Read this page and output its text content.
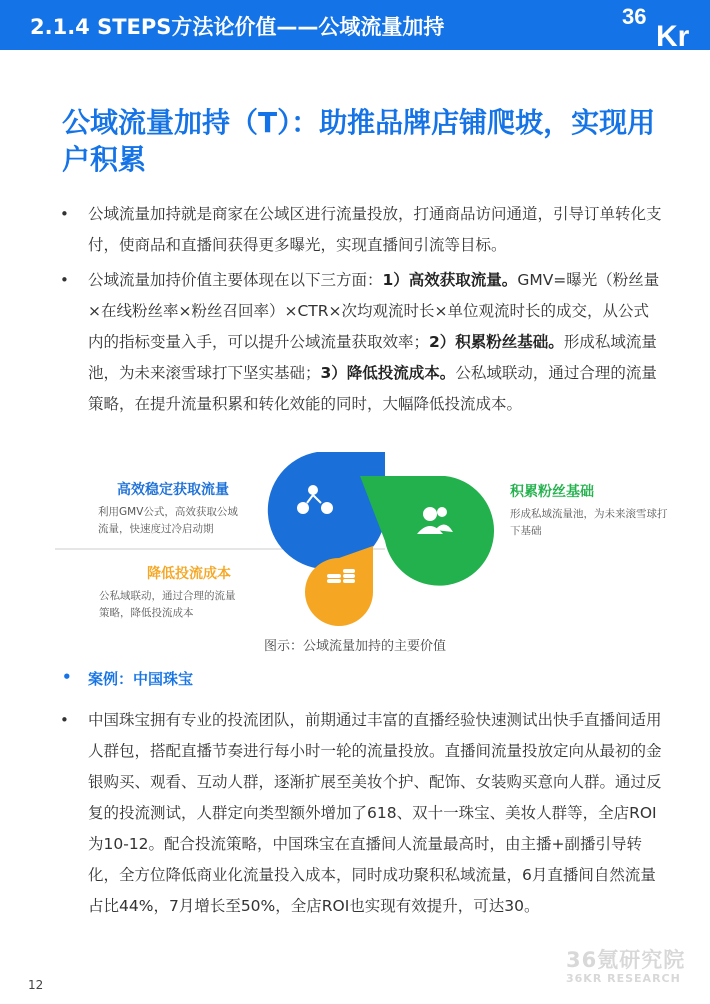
2.1.4 STEPS方法论价值——公域流量加持	36
Kr
公域流量加持（T）：助推品牌店铺爬坡，实现用户积累
• 公域流量加持就是商家在公域区进行流量投放，打通商品访问通道，引导订单转化支付，使商品和直播间获得更多曝光，实现直播间引流等目标。
• 公域流量加持价值主要体现在以下三方面：1）高效获取流量。GMV=曝光（粉丝量×在线粉丝率×粉丝召回率）×CTR×次均观流时长×单位观流时长的成交，从公式内的指标变量入手，可以提升公域流量获取效率；2）积累粉丝基础。形成私域流量池，为未来滚雪球打下坚实基础；3）降低投流成本。公私域联动，通过合理的流量策略，在提升流量积累和转化效能的同时，大幅降低投流成本。
高效稳定获取流量
利用GMV公式，高效获取公域流量，快速度过冷启动期
积累粉丝基础
形成私域流量池，为未来滚雪球打下基础
降低投流成本
公私域联动，通过合理的流量策略，降低投流成本
图示：公域流量加持的主要价值
• 案例：中国珠宝
• 中国珠宝拥有专业的投流团队，前期通过丰富的直播经验快速测试出快手直播间适用人群包，搭配直播节奏进行每小时一轮的流量投放。直播间流量投放定向从最初的金银购买、观看、互动人群，逐渐扩展至美妆个护、配饰、女装购买意向人群。通过反复的投流测试，人群定向类型额外增加了618、双十一珠宝、美妆人群等，全店ROI为10-12。配合投流策略，中国珠宝在直播间人流量最高时，由主播+副播引导转化，全方位降低商业化流量投入成本，同时成功聚积私域流量，6月直播间自然流量占比44%，7月增长至50%，全店ROI也实现有效提升，可达30。
36氪研究院
36KR RESEARCH
12
